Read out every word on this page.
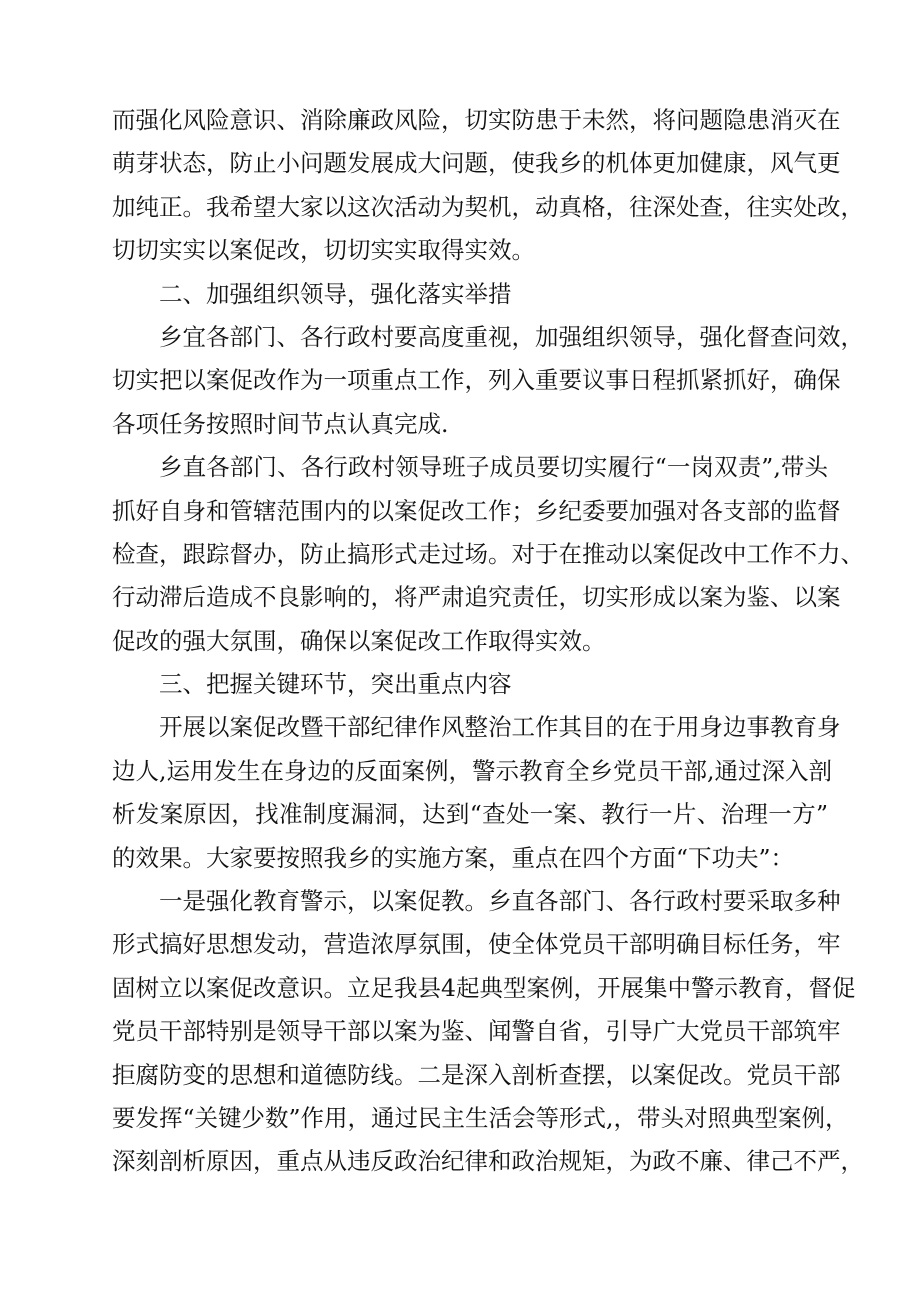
而强化风险意识、消除廉政风险，切实防患于未然，将问题隐患消灭在
萌芽状态，防止小问题发展成大问题，使我乡的机体更加健康，风气更
加纯正。我希望大家以这次活动为契机，动真格，往深处查，往实处改，
切切实实以案促改，切切实实取得实效。
二、加强组织领导，强化落实举措
乡宜各部门、各行政村要高度重视，加强组织领导，强化督查问效，
切实把以案促改作为一项重点工作，列入重要议事日程抓紧抓好，确保
各项任务按照时间节点认真完成.
乡直各部门、各行政村领导班子成员要切实履行“一岗双责”,带头
抓好自身和管辖范围内的以案促改工作；乡纪委要加强对各支部的监督
检查，跟踪督办，防止搞形式走过场。对于在推动以案促改中工作不力、
行动滞后造成不良影响的，将严肃追究责任，切实形成以案为鉴、以案
促改的强大氛围，确保以案促改工作取得实效。
三、把握关键环节，突出重点内容
开展以案促改暨干部纪律作风整治工作其目的在于用身边事教育身
边人,运用发生在身边的反面案例，警示教育全乡党员干部,通过深入剖
析发案原因，找准制度漏洞，达到“查处一案、教行一片、治理一方”
的效果。大家要按照我乡的实施方案，重点在四个方面“下功夫”：
一是强化教育警示，以案促教。乡直各部门、各行政村要采取多种
形式搞好思想发动，营造浓厚氛围，使全体党员干部明确目标任务，牢
固树立以案促改意识。立足我县4起典型案例，开展集中警示教育，督促
党员干部特别是领导干部以案为鉴、闻警自省，引导广大党员干部筑牢
拒腐防变的思想和道德防线。二是深入剖析查摆，以案促改。党员干部
要发挥“关键少数”作用，通过民主生活会等形式,，带头对照典型案例，
深刻剖析原因，重点从违反政治纪律和政治规矩，为政不廉、律己不严，
